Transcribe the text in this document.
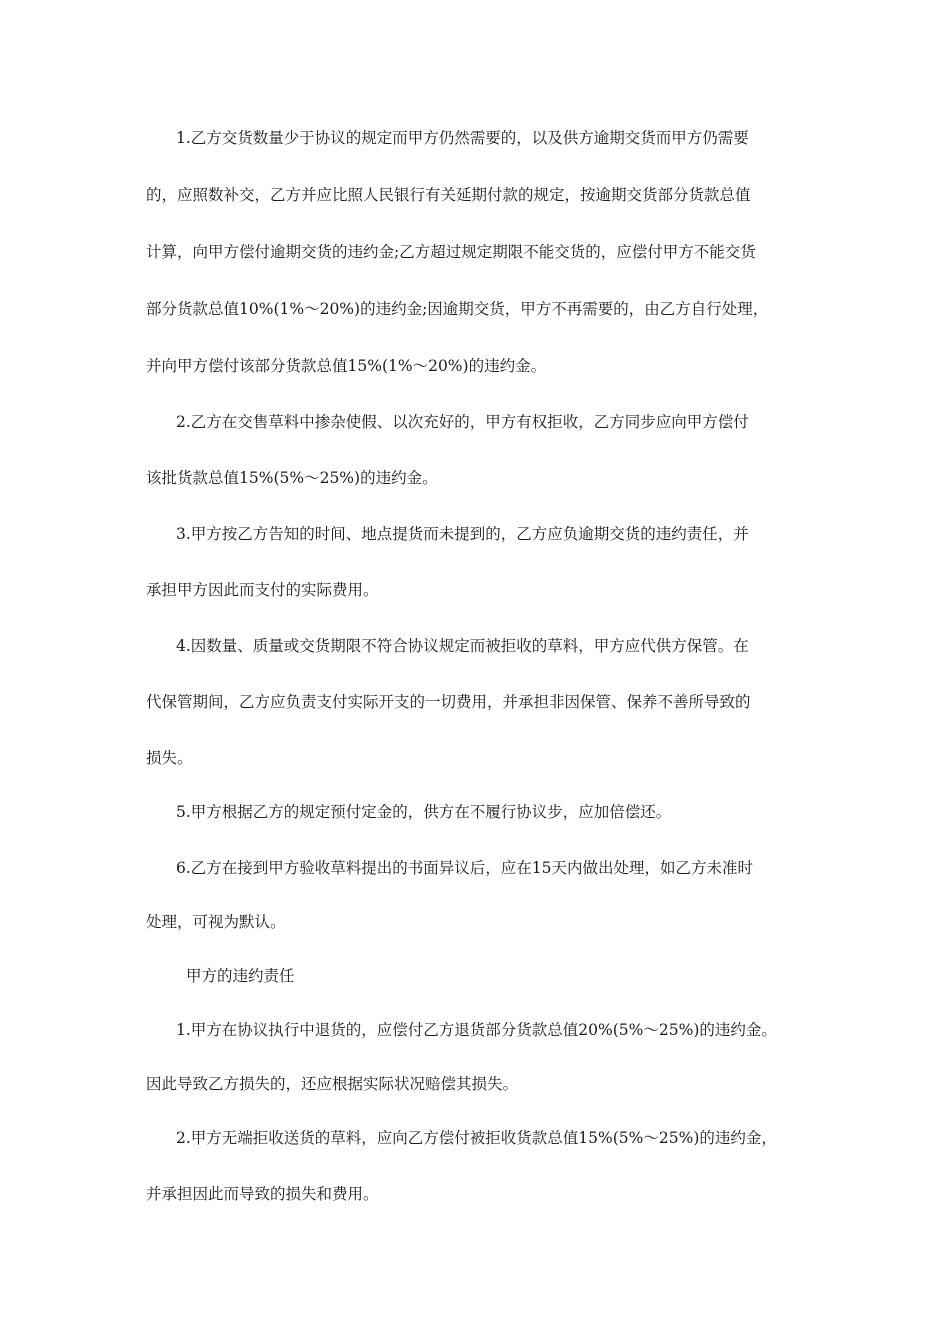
1.乙方交货数量少于协议的规定而甲方仍然需要的，以及供方逾期交货而甲方仍需要
的，应照数补交，乙方并应比照人民银行有关延期付款的规定，按逾期交货部分货款总值
计算，向甲方偿付逾期交货的违约金;乙方超过规定期限不能交货的，应偿付甲方不能交货
部分货款总值10%(1%～20%)的违约金;因逾期交货，甲方不再需要的，由乙方自行处理，
并向甲方偿付该部分货款总值15%(1%～20%)的违约金。
2.乙方在交售草料中掺杂使假、以次充好的，甲方有权拒收，乙方同步应向甲方偿付
该批货款总值15%(5%～25%)的违约金。
3.甲方按乙方告知的时间、地点提货而未提到的，乙方应负逾期交货的违约责任，并
承担甲方因此而支付的实际费用。
4.因数量、质量或交货期限不符合协议规定而被拒收的草料，甲方应代供方保管。在
代保管期间，乙方应负责支付实际开支的一切费用，并承担非因保管、保养不善所导致的
损失。
5.甲方根据乙方的规定预付定金的，供方在不履行协议步，应加倍偿还。
6.乙方在接到甲方验收草料提出的书面异议后，应在15天内做出处理，如乙方未准时
处理，可视为默认。
甲方的违约责任
1.甲方在协议执行中退货的，应偿付乙方退货部分货款总值20%(5%～25%)的违约金。
因此导致乙方损失的，还应根据实际状况赔偿其损失。
2.甲方无端拒收送货的草料，应向乙方偿付被拒收货款总值15%(5%～25%)的违约金，
并承担因此而导致的损失和费用。
